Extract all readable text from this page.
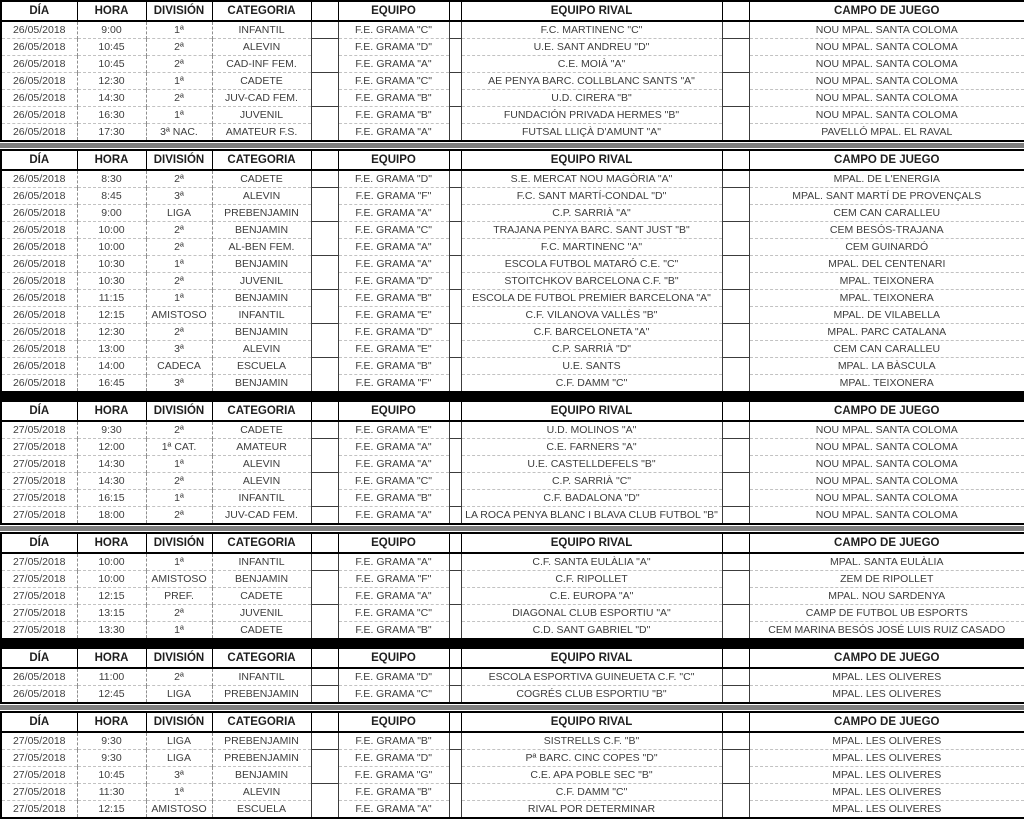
DÍA	HORA	DIVISIÓN	CATEGORIA		EQUIPO		EQUIPO RIVAL		CAMPO DE JUEGO
26/05/2018	9:00	1ª	INFANTIL		F.E. GRAMA "C"		F.C. MARTINENC "C"		NOU MPAL. SANTA COLOMA
26/05/2018	10:45	2ª	ALEVIN		F.E. GRAMA "D"		U.E. SANT ANDREU "D"		NOU MPAL. SANTA COLOMA
26/05/2018	10:45	2ª	CAD-INF FEM.		F.E. GRAMA "A"		C.E. MOIÀ "A"		NOU MPAL. SANTA COLOMA
26/05/2018	12:30	1ª	CADETE		F.E. GRAMA "C"		AE PENYA BARC. COLLBLANC SANTS "A"		NOU MPAL. SANTA COLOMA
26/05/2018	14:30	2ª	JUV-CAD FEM.		F.E. GRAMA "B"		U.D. CIRERA "B"		NOU MPAL. SANTA COLOMA
26/05/2018	16:30	1ª	JUVENIL		F.E. GRAMA "B"		FUNDACIÓN PRIVADA HERMES "B"		NOU MPAL. SANTA COLOMA
26/05/2018	17:30	3ª NAC.	AMATEUR F.S.		F.E. GRAMA "A"		FUTSAL LLIÇÀ D'AMUNT "A"		PAVELLÓ MPAL. EL RAVAL
DÍA	HORA	DIVISIÓN	CATEGORIA		EQUIPO		EQUIPO RIVAL		CAMPO DE JUEGO
26/05/2018	8:30	2ª	CADETE		F.E. GRAMA "D"		S.E. MERCAT NOU MAGÒRIA "A"		MPAL. DE L'ENERGIA
26/05/2018	8:45	3ª	ALEVIN		F.E. GRAMA "F"		F.C. SANT MARTÍ-CONDAL "D"		MPAL. SANT MARTÍ DE PROVENÇALS
26/05/2018	9:00	LIGA	PREBENJAMIN		F.E. GRAMA "A"		C.P. SARRIÀ "A"		CEM CAN CARALLEU
26/05/2018	10:00	2ª	BENJAMIN		F.E. GRAMA "C"		TRAJANA PENYA BARC. SANT JUST "B"		CEM BESÓS-TRAJANA
26/05/2018	10:00	2ª	AL-BEN FEM.		F.E. GRAMA "A"		F.C. MARTINENC "A"		CEM GUINARDÓ
26/05/2018	10:30	1ª	BENJAMIN		F.E. GRAMA "A"		ESCOLA FUTBOL MATARÓ C.E. "C"		MPAL. DEL CENTENARI
26/05/2018	10:30	2ª	JUVENIL		F.E. GRAMA "D"		STOITCHKOV BARCELONA C.F. "B"		MPAL. TEIXONERA
26/05/2018	11:15	1ª	BENJAMIN		F.E. GRAMA "B"		ESCOLA DE FUTBOL PREMIER BARCELONA "A"		MPAL. TEIXONERA
26/05/2018	12:15	AMISTOSO	INFANTIL		F.E. GRAMA "E"		C.F. VILANOVA VALLÈS "B"		MPAL. DE VILABELLA
26/05/2018	12:30	2ª	BENJAMIN		F.E. GRAMA "D"		C.F. BARCELONETA "A"		MPAL. PARC CATALANA
26/05/2018	13:00	3ª	ALEVIN		F.E. GRAMA "E"		C.P. SARRIÀ "D"		CEM CAN CARALLEU
26/05/2018	14:00	CADECA	ESCUELA		F.E. GRAMA "B"		U.E. SANTS		MPAL. LA BÀSCULA
26/05/2018	16:45	3ª	BENJAMIN		F.E. GRAMA "F"		C.F. DAMM "C"		MPAL. TEIXONERA
DÍA	HORA	DIVISIÓN	CATEGORIA		EQUIPO		EQUIPO RIVAL		CAMPO DE JUEGO
27/05/2018	9:30	2ª	CADETE		F.E. GRAMA "E"		U.D. MOLINOS "A"		NOU MPAL. SANTA COLOMA
27/05/2018	12:00	1ª CAT.	AMATEUR		F.E. GRAMA "A"		C.E. FARNERS "A"		NOU MPAL. SANTA COLOMA
27/05/2018	14:30	1ª	ALEVIN		F.E. GRAMA "A"		U.E. CASTELLDEFELS "B"		NOU MPAL. SANTA COLOMA
27/05/2018	14:30	2ª	ALEVIN		F.E. GRAMA "C"		C.P. SARRIÀ "C"		NOU MPAL. SANTA COLOMA
27/05/2018	16:15	1ª	INFANTIL		F.E. GRAMA "B"		C.F. BADALONA "D"		NOU MPAL. SANTA COLOMA
27/05/2018	18:00	2ª	JUV-CAD FEM.		F.E. GRAMA "A"		LA ROCA PENYA BLANC I BLAVA CLUB FUTBOL "B"		NOU MPAL. SANTA COLOMA
DÍA	HORA	DIVISIÓN	CATEGORIA		EQUIPO		EQUIPO RIVAL		CAMPO DE JUEGO
27/05/2018	10:00	1ª	INFANTIL		F.E. GRAMA "A"		C.F. SANTA EULÀLIA "A"		MPAL. SANTA EULÀLIA
27/05/2018	10:00	AMISTOSO	BENJAMIN		F.E. GRAMA "F"		C.F. RIPOLLET		ZEM DE RIPOLLET
27/05/2018	12:15	PREF.	CADETE		F.E. GRAMA "A"		C.E. EUROPA "A"		MPAL. NOU SARDENYA
27/05/2018	13:15	2ª	JUVENIL		F.E. GRAMA "C"		DIAGONAL CLUB ESPORTIU "A"		CAMP DE FUTBOL UB ESPORTS
27/05/2018	13:30	1ª	CADETE		F.E. GRAMA "B"		C.D. SANT GABRIEL "D"		CEM MARINA BESÓS JOSÉ LUIS RUIZ CASADO
DÍA	HORA	DIVISIÓN	CATEGORIA		EQUIPO		EQUIPO RIVAL		CAMPO DE JUEGO
26/05/2018	11:00	2ª	INFANTIL		F.E. GRAMA "D"		ESCOLA ESPORTIVA GUINEUETA C.F. "C"		MPAL. LES OLIVERES
26/05/2018	12:45	LIGA	PREBENJAMIN		F.E. GRAMA "C"		COGRÉS CLUB ESPORTIU "B"		MPAL. LES OLIVERES
DÍA	HORA	DIVISIÓN	CATEGORIA		EQUIPO		EQUIPO RIVAL		CAMPO DE JUEGO
27/05/2018	9:30	LIGA	PREBENJAMIN		F.E. GRAMA "B"		SISTRELLS C.F. "B"		MPAL. LES OLIVERES
27/05/2018	9:30	LIGA	PREBENJAMIN		F.E. GRAMA "D"		Pª BARC. CINC COPES "D"		MPAL. LES OLIVERES
27/05/2018	10:45	3ª	BENJAMIN		F.E. GRAMA "G"		C.E. APA POBLE SEC "B"		MPAL. LES OLIVERES
27/05/2018	11:30	1ª	ALEVIN		F.E. GRAMA "B"		C.F. DAMM "C"		MPAL. LES OLIVERES
27/05/2018	12:15	AMISTOSO	ESCUELA		F.E. GRAMA "A"		RIVAL POR DETERMINAR		MPAL. LES OLIVERES
